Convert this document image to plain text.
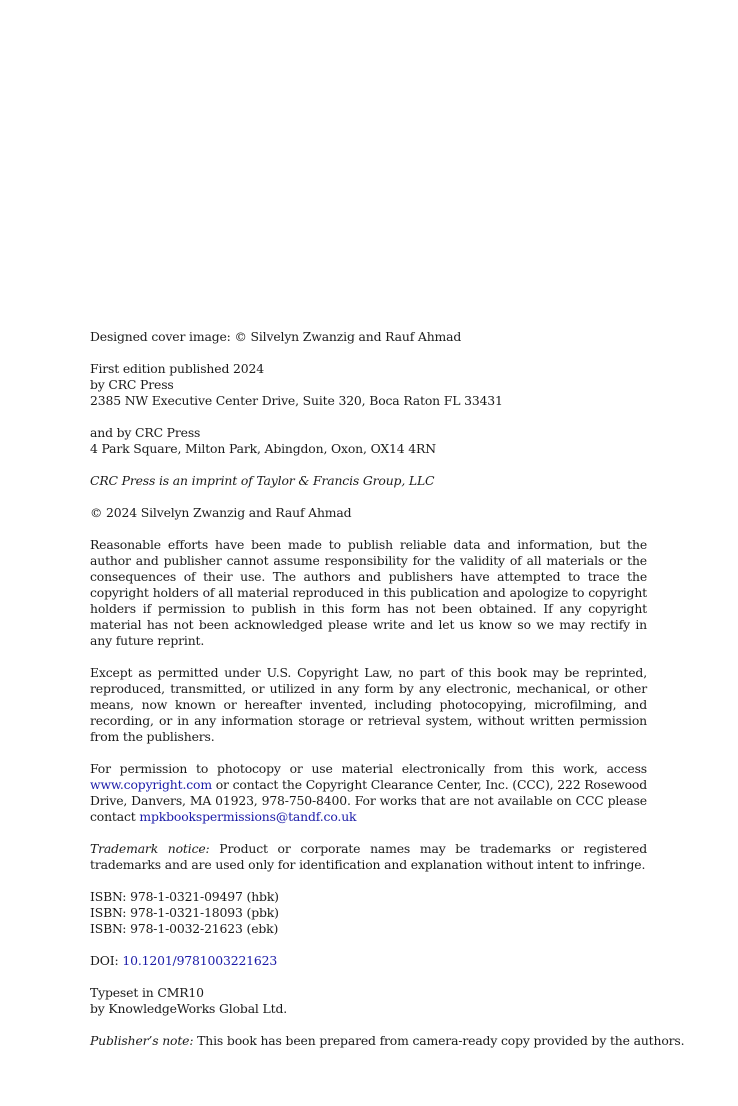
Designed cover image: © Silvelyn Zwanzig and Rauf Ahmad
First edition published 2024
by CRC Press
2385 NW Executive Center Drive, Suite 320, Boca Raton FL 33431
and by CRC Press
4 Park Square, Milton Park, Abingdon, Oxon, OX14 4RN
CRC Press is an imprint of Taylor & Francis Group, LLC
© 2024 Silvelyn Zwanzig and Rauf Ahmad
Reasonable efforts have been made to publish reliable data and information, but the author and publisher cannot assume responsibility for the validity of all materials or the consequences of their use. The authors and publishers have attempted to trace the copyright holders of all material reproduced in this publication and apologize to copyright holders if permission to publish in this form has not been obtained. If any copyright material has not been acknowledged please write and let us know so we may rectify in any future reprint.
Except as permitted under U.S. Copyright Law, no part of this book may be reprinted, reproduced, transmitted, or utilized in any form by any electronic, mechanical, or other means, now known or hereafter invented, including photocopying, microfilming, and recording, or in any information storage or retrieval system, without written permission from the publishers.
For permission to photocopy or use material electronically from this work, access www.copyright.com or contact the Copyright Clearance Center, Inc. (CCC), 222 Rosewood Drive, Danvers, MA 01923, 978-750-8400. For works that are not available on CCC please contact mpkbookspermissions@tandf.co.uk
Trademark notice: Product or corporate names may be trademarks or registered trademarks and are used only for identification and explanation without intent to infringe.
ISBN: 978-1-0321-09497 (hbk)
ISBN: 978-1-0321-18093 (pbk)
ISBN: 978-1-0032-21623 (ebk)
DOI: 10.1201/9781003221623
Typeset in CMR10
by KnowledgeWorks Global Ltd.
Publisher’s note: This book has been prepared from camera-ready copy provided by the authors.
